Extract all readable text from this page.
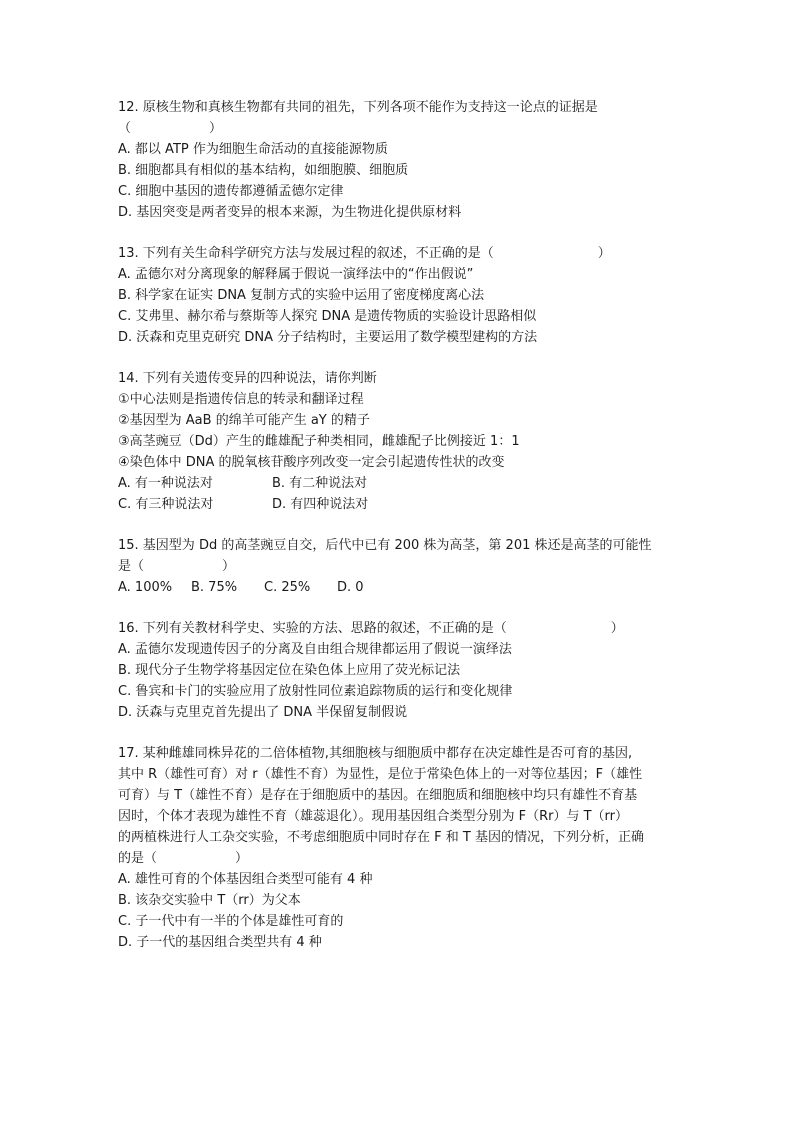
12. 原核生物和真核生物都有共同的祖先，下列各项不能作为支持这一论点的证据是
（　　　　　　）
A. 都以 ATP 作为细胞生命活动的直接能源物质
B. 细胞都具有相似的基本结构，如细胞膜、细胞质
C. 细胞中基因的遗传都遵循孟德尔定律
D. 基因突变是两者变异的根本来源，为生物进化提供原材料
13. 下列有关生命科学研究方法与发展过程的叙述，不正确的是（　　　　　　　　）
A. 孟德尔对分离现象的解释属于假说一演绎法中的“作出假说”
B. 科学家在证实 DNA 复制方式的实验中运用了密度梯度离心法
C. 艾弗里、赫尔希与蔡斯等人探究 DNA 是遗传物质的实验设计思路相似
D. 沃森和克里克研究 DNA 分子结构时，主要运用了数学模型建构的方法
14. 下列有关遗传变异的四种说法，请你判断
①中心法则是指遗传信息的转录和翻译过程
②基因型为 AaB 的绵羊可能产生 aY 的精子
③高茎豌豆（Dd）产生的雌雄配子种类相同，雌雄配子比例接近 1：1
④染色体中 DNA 的脱氧核苷酸序列改变一定会引起遗传性状的改变
A. 有一种说法对	B. 有二种说法对
C. 有三种说法对	D. 有四种说法对
15. 基因型为 Dd 的高茎豌豆自交，后代中已有 200 株为高茎，第 201 株还是高茎的可能性
是（　　　　　　）
A. 100%	B. 75%	C. 25%	D. 0
16. 下列有关教材科学史、实验的方法、思路的叙述，不正确的是（　　　　　　　　）
A. 孟德尔发现遗传因子的分离及自由组合规律都运用了假说一演绎法
B. 现代分子生物学将基因定位在染色体上应用了荧光标记法
C. 鲁宾和卡门的实验应用了放射性同位素追踪物质的运行和变化规律
D. 沃森与克里克首先提出了 DNA 半保留复制假说
17. 某种雌雄同株异花的二倍体植物,其细胞核与细胞质中都存在决定雄性是否可育的基因,
其中 R（雄性可育）对 r（雄性不育）为显性，是位于常染色体上的一对等位基因；F（雄性
可育）与 T（雄性不育）是存在于细胞质中的基因。在细胞质和细胞核中均只有雄性不育基
因时，个体才表现为雄性不育（雄蕊退化）。现用基因组合类型分别为 F（Rr）与 T（rr）
的两植株进行人工杂交实验，不考虑细胞质中同时存在 F 和 T 基因的情况，下列分析，正确
的是（　　　　　　）
A. 雄性可育的个体基因组合类型可能有 4 种
B. 该杂交实验中 T（rr）为父本
C. 子一代中有一半的个体是雄性可育的
D. 子一代的基因组合类型共有 4 种
